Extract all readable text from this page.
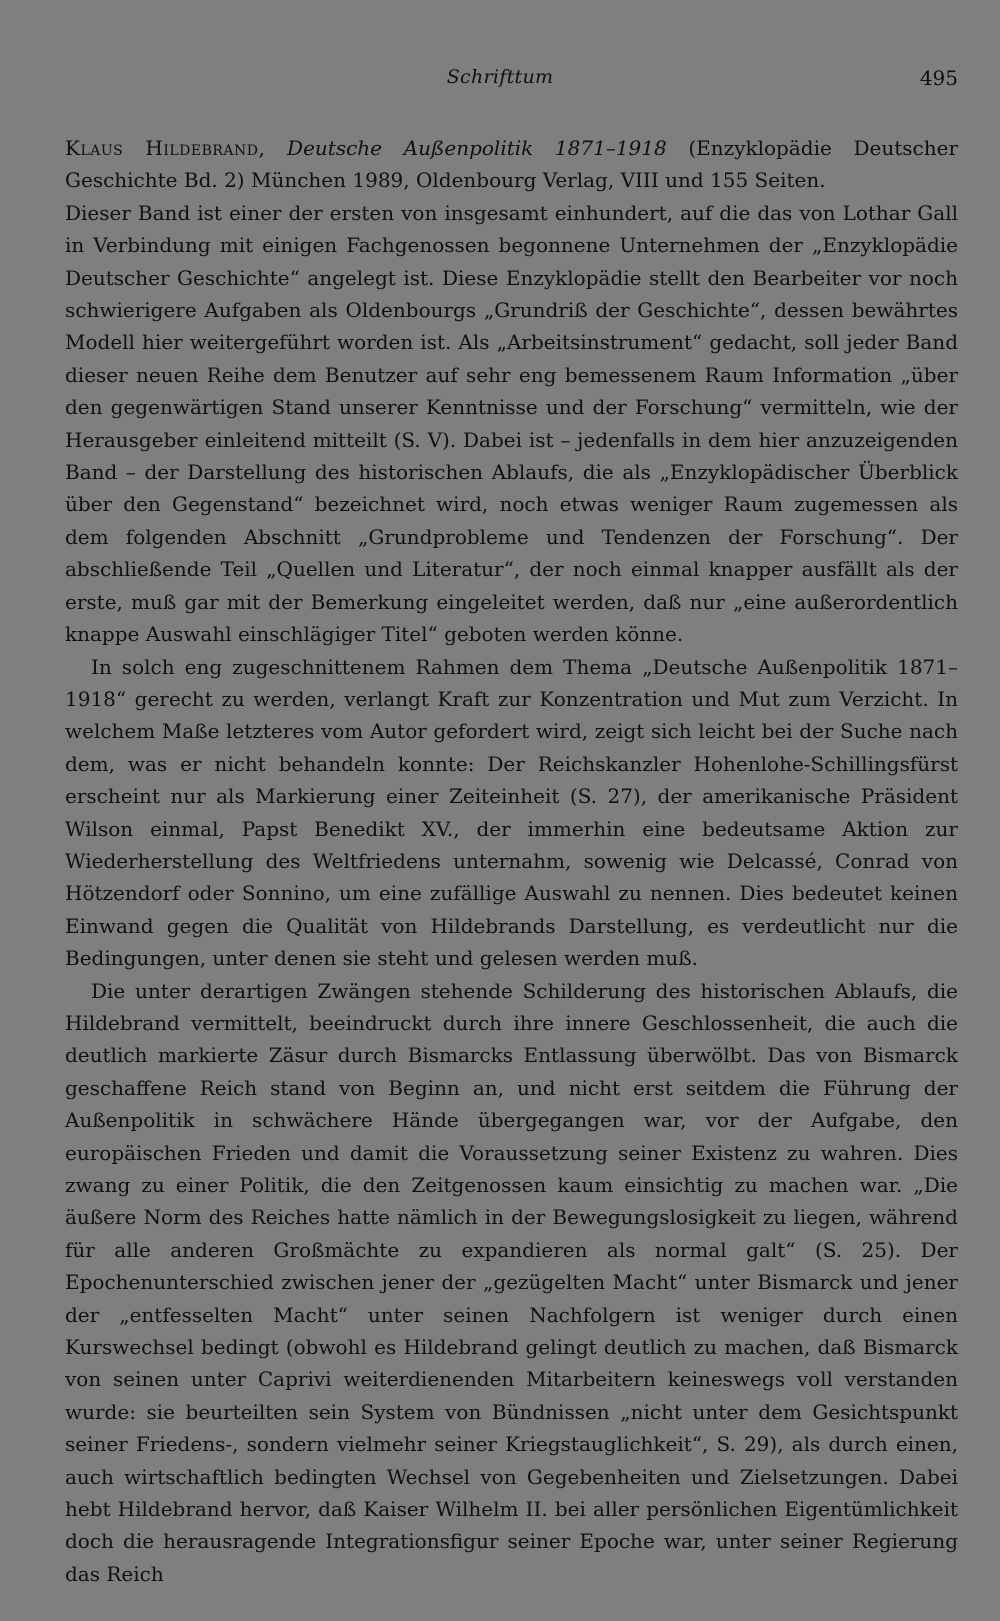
Schrifttum	495

Klaus Hildebrand, Deutsche Außenpolitik 1871–1918 (Enzyklopädie Deutscher Geschichte Bd. 2) München 1989, Oldenbourg Verlag, VIII und 155 Seiten.

Dieser Band ist einer der ersten von insgesamt einhundert, auf die das von Lothar Gall in Verbindung mit einigen Fachgenossen begonnene Unternehmen der „Enzyklopädie Deutscher Geschichte“ angelegt ist. Diese Enzyklopädie stellt den Bearbeiter vor noch schwierigere Aufgaben als Oldenbourgs „Grundriß der Geschichte“, dessen bewährtes Modell hier weitergeführt worden ist. Als „Arbeitsinstrument“ gedacht, soll jeder Band dieser neuen Reihe dem Benutzer auf sehr eng bemessenem Raum Information „über den gegenwärtigen Stand unserer Kenntnisse und der Forschung“ vermitteln, wie der Herausgeber einleitend mitteilt (S. V). Dabei ist – jedenfalls in dem hier anzuzeigenden Band – der Darstellung des historischen Ablaufs, die als „Enzyklopädischer Überblick über den Gegenstand“ bezeichnet wird, noch etwas weniger Raum zugemessen als dem folgenden Abschnitt „Grundprobleme und Tendenzen der Forschung“. Der abschließende Teil „Quellen und Literatur“, der noch einmal knapper ausfällt als der erste, muß gar mit der Bemerkung eingeleitet werden, daß nur „eine außerordentlich knappe Auswahl einschlägiger Titel“ geboten werden könne.

In solch eng zugeschnittenem Rahmen dem Thema „Deutsche Außenpolitik 1871–1918“ gerecht zu werden, verlangt Kraft zur Konzentration und Mut zum Verzicht. In welchem Maße letzteres vom Autor gefordert wird, zeigt sich leicht bei der Suche nach dem, was er nicht behandeln konnte: Der Reichskanzler Hohenlohe-Schillingsfürst erscheint nur als Markierung einer Zeiteinheit (S. 27), der amerikanische Präsident Wilson einmal, Papst Benedikt XV., der immerhin eine bedeutsame Aktion zur Wiederherstellung des Weltfriedens unternahm, sowenig wie Delcassé, Conrad von Hötzendorf oder Sonnino, um eine zufällige Auswahl zu nennen. Dies bedeutet keinen Einwand gegen die Qualität von Hildebrands Darstellung, es verdeutlicht nur die Bedingungen, unter denen sie steht und gelesen werden muß.

Die unter derartigen Zwängen stehende Schilderung des historischen Ablaufs, die Hildebrand vermittelt, beeindruckt durch ihre innere Geschlossenheit, die auch die deutlich markierte Zäsur durch Bismarcks Entlassung überwölbt. Das von Bismarck geschaffene Reich stand von Beginn an, und nicht erst seitdem die Führung der Außenpolitik in schwächere Hände übergegangen war, vor der Aufgabe, den europäischen Frieden und damit die Voraussetzung seiner Existenz zu wahren. Dies zwang zu einer Politik, die den Zeitgenossen kaum einsichtig zu machen war. „Die äußere Norm des Reiches hatte nämlich in der Bewegungslosigkeit zu liegen, während für alle anderen Großmächte zu expandieren als normal galt“ (S. 25). Der Epochenunterschied zwischen jener der „gezügelten Macht“ unter Bismarck und jener der „entfesselten Macht“ unter seinen Nachfolgern ist weniger durch einen Kurswechsel bedingt (obwohl es Hildebrand gelingt deutlich zu machen, daß Bismarck von seinen unter Caprivi weiterdienenden Mitarbeitern keineswegs voll verstanden wurde: sie beurteilten sein System von Bündnissen „nicht unter dem Gesichtspunkt seiner Friedens-, sondern vielmehr seiner Kriegstauglichkeit“, S. 29), als durch einen, auch wirtschaftlich bedingten Wechsel von Gegebenheiten und Zielsetzungen. Dabei hebt Hildebrand hervor, daß Kaiser Wilhelm II. bei aller persönlichen Eigentümlichkeit doch die herausragende Integrationsfigur seiner Epoche war, unter seiner Regierung das Reich
